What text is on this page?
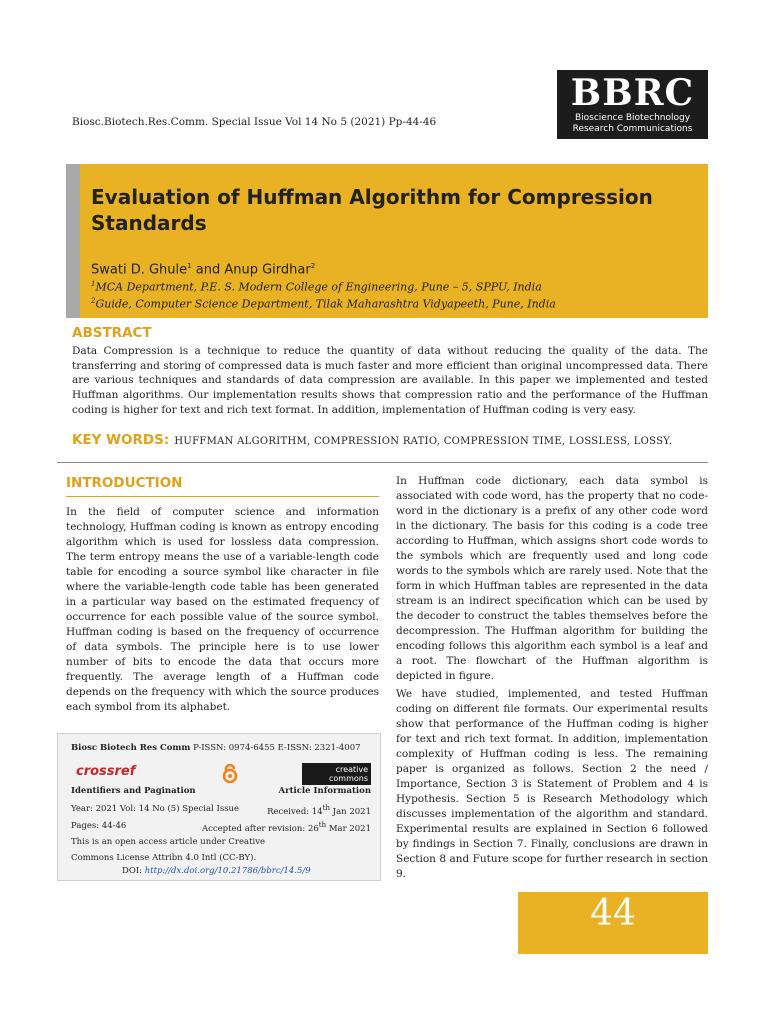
Biosc.Biotech.Res.Comm. Special Issue Vol 14 No 5 (2021) Pp-44-46
BBRC
Bioscience Biotechnology
Research Communications
Evaluation of Huffman Algorithm for Compression Standards
Swati D. Ghule$^1$ and Anup Girdhar$^2$
$^1$MCA Department, P.E. S. Modern College of Engineering, Pune – 5, SPPU, India
$^2$Guide, Computer Science Department, Tilak Maharashtra Vidyapeeth, Pune, India
ABSTRACT
Data Compression is a technique to reduce the quantity of data without reducing the quality of the data. The transferring and storing of compressed data is much faster and more efficient than original uncompressed data. There are various techniques and standards of data compression are available. In this paper we implemented and tested Huffman algorithms. Our implementation results shows that compression ratio and the performance of the Huffman coding is higher for text and rich text format. In addition, implementation of Huffman coding is very easy.
KEY WORDS: HUFFMAN ALGORITHM, COMPRESSION RATIO, COMPRESSION TIME, LOSSLESS, LOSSY.
INTRODUCTION
In the field of computer science and information technology, Huffman coding is known as entropy encoding algorithm which is used for lossless data compression. The term entropy means the use of a variable-length code table for encoding a source symbol like character in file where the variable-length code table has been generated in a particular way based on the estimated frequency of occurrence for each possible value of the source symbol. Huffman coding is based on the frequency of occurrence of data symbols. The principle here is to use lower number of bits to encode the data that occurs more frequently. The average length of a Huffman code depends on the frequency with which the source produces each symbol from its alphabet.
In Huffman code dictionary, each data symbol is associated with code word, has the property that no code-word in the dictionary is a prefix of any other code word in the dictionary. The basis for this coding is a code tree according to Huffman, which assigns short code words to the symbols which are frequently used and long code words to the symbols which are rarely used. Note that the form in which Huffman tables are represented in the data stream is an indirect specification which can be used by the decoder to construct the tables themselves before the decompression. The Huffman algorithm for building the encoding follows this algorithm each symbol is a leaf and a root. The flowchart of the Huffman algorithm is depicted in figure.
We have studied, implemented, and tested Huffman coding on different file formats. Our experimental results show that performance of the Huffman coding is higher for text and rich text format. In addition, implementation complexity of Huffman coding is less. The remaining paper is organized as follows. Section 2 the need / Importance, Section 3 is Statement of Problem and 4 is Hypothesis. Section 5 is Research Methodology which discusses implementation of the algorithm and standard. Experimental results are explained in Section 6 followed by findings in Section 7. Finally, conclusions are drawn in Section 8 and Future scope for further research in section 9.
Biosc Biotech Res Comm P-ISSN: 0974-6455 E-ISSN: 2321-4007
crossref	creative
commons
Identifiers and Pagination	Article Information
Year: 2021 Vol: 14 No (5) Special Issue	Received: 14th Jan 2021
Pages: 44-46	Accepted after revision: 26th Mar 2021
This is an open access article under Creative
Commons License Attribn 4.0 Intl (CC-BY).
DOI: http://dx.doi.org/10.21786/bbrc/14.5/9
44
